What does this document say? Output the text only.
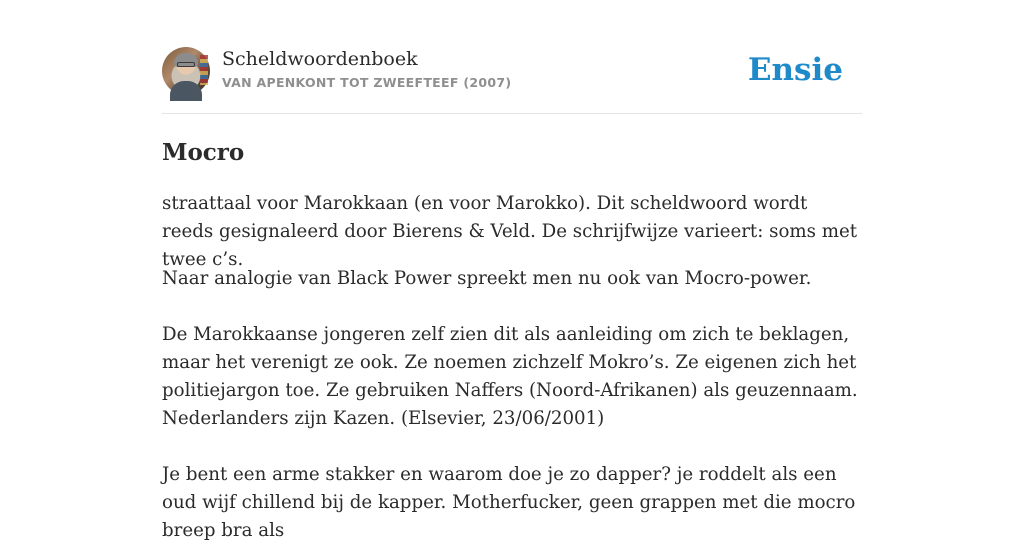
Scheldwoordenboek
VAN APENKONT TOT ZWEEFTEEF (2007)	Ensie
Mocro

straattaal voor Marokkaan (en voor Marokko). Dit scheldwoord wordt reeds gesignaleerd door Bierens & Veld. De schrijfwijze varieert: soms met twee c’s.

Naar analogie van Black Power spreekt men nu ook van Mocro-power.

De Marokkaanse jongeren zelf zien dit als aanleiding om zich te beklagen, maar het verenigt ze ook. Ze noemen zichzelf Mokro’s. Ze eigenen zich het politiejargon toe. Ze gebruiken Naffers (Noord-Afrikanen) als geuzennaam. Nederlanders zijn Kazen. (Elsevier, 23/06/2001)

Je bent een arme stakker en waarom doe je zo dapper? je roddelt als een oud wijf chillend bij de kapper. Motherfucker, geen grappen met die mocro breep bra als
